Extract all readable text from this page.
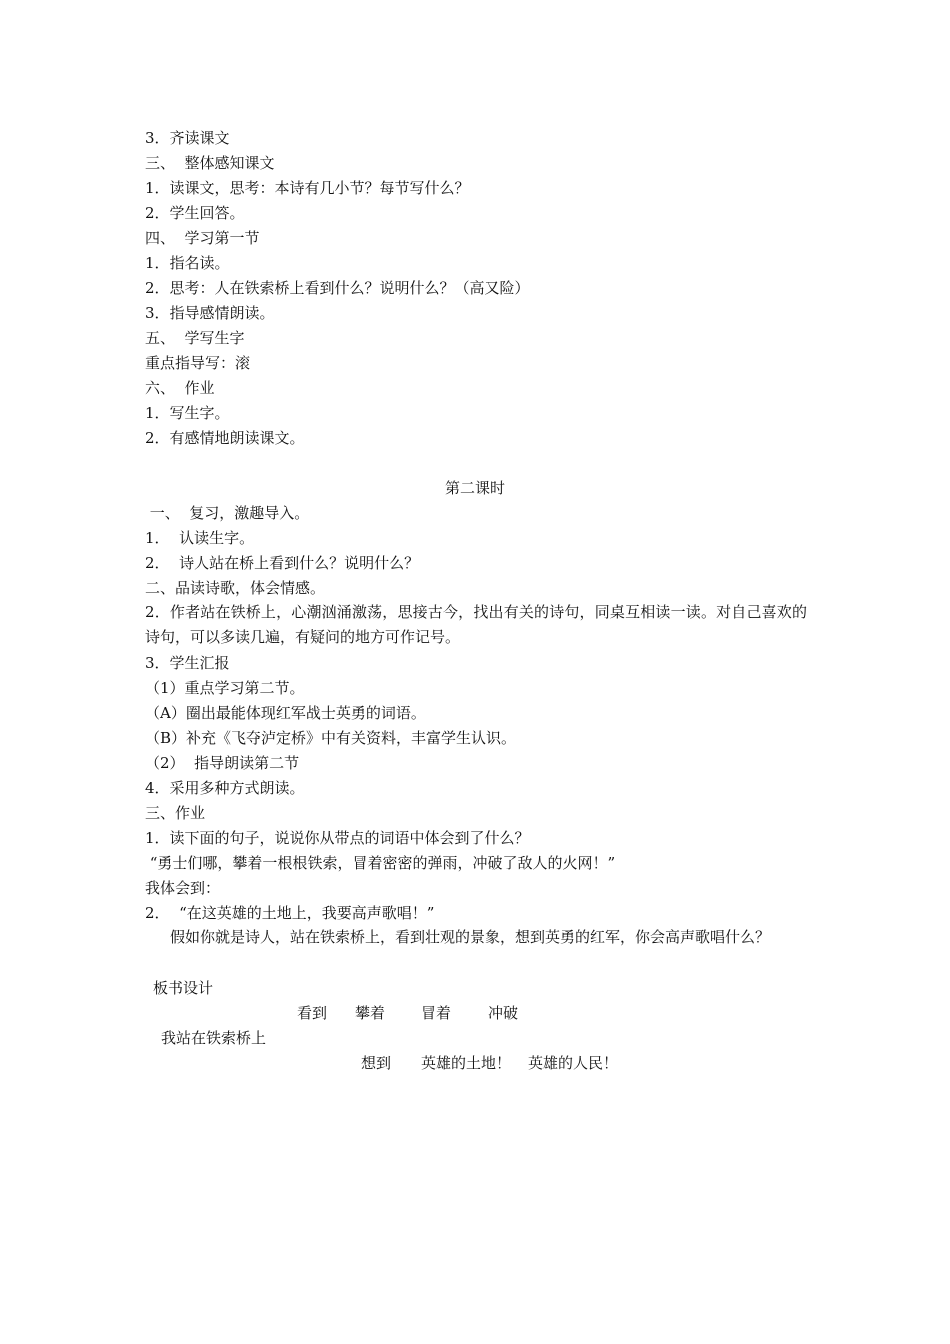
3．齐读课文
三、  整体感知课文
1．读课文，思考：本诗有几小节？每节写什么？
2．学生回答。
四、  学习第一节
1．指名读。
2．思考：人在铁索桥上看到什么？说明什么？（高又险）
3．指导感情朗读。
五、  学写生字
重点指导写：滚
六、  作业
1．写生字。
2．有感情地朗读课文。
第二课时
一、  复习，激趣导入。
1．  认读生字。
2．  诗人站在桥上看到什么？说明什么？
二、品读诗歌，体会情感。
2．作者站在铁桥上，心潮汹涌激荡，思接古今，找出有关的诗句，同桌互相读一读。对自己喜欢的诗句，可以多读几遍，有疑问的地方可作记号。
3．学生汇报
（1）重点学习第二节。
（A）圈出最能体现红军战士英勇的词语。
（B）补充《飞夺泸定桥》中有关资料，丰富学生认识。
（2）  指导朗读第二节
4．采用多种方式朗读。
三、作业
1．读下面的句子，说说你从带点的词语中体会到了什么？
“勇士们哪，攀着一根根铁索，冒着密密的弹雨，冲破了敌人的火网！”
我体会到：
2．  “在这英雄的土地上，我要高声歌唱！”
假如你就是诗人，站在铁索桥上，看到壮观的景象，想到英勇的红军，你会高声歌唱什么？
板书设计
看到 攀着 冒着 冲破
我站在铁索桥上
想到 英雄的土地！ 英雄的人民！
